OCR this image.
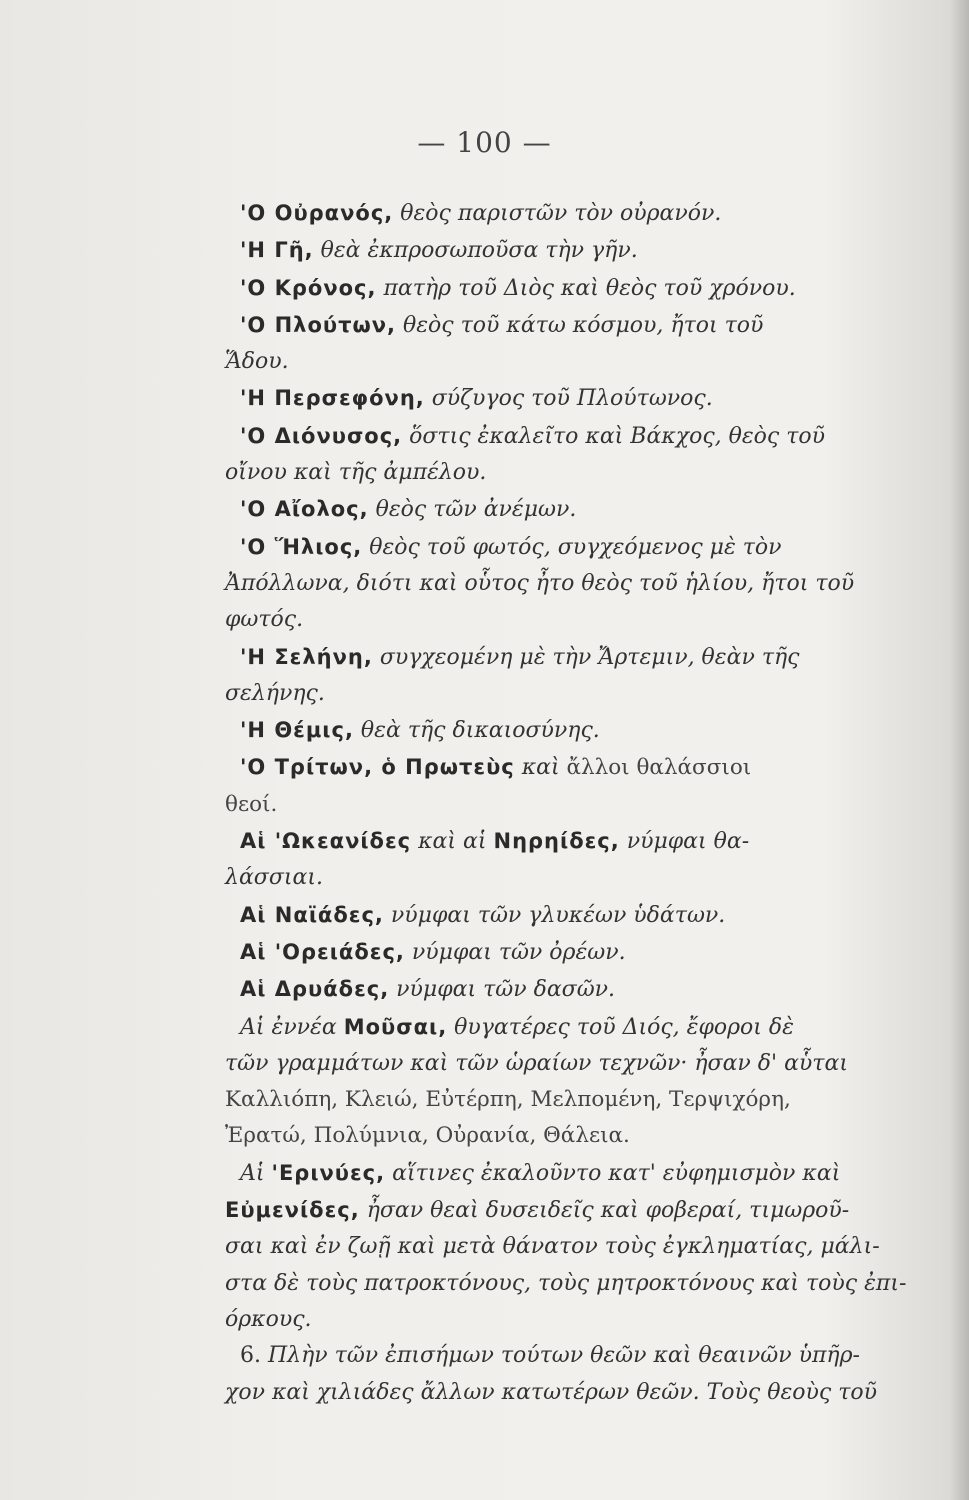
— 100 —
'Ο Οὐρανός, θεὸς παριστῶν τὸν οὐρανόν.
'Η Γῆ, θεὰ ἐκπροσωποῦσα τὴν γῆν.
'Ο Κρόνος, πατὴρ τοῦ Διὸς καὶ θεὸς τοῦ χρόνου.
'Ο Πλούτων, θεὸς τοῦ κάτω κόσμου, ἤτοι τοῦ
Ἅδου.
'Η Περσεφόνη, σύζυγος τοῦ Πλούτωνος.
'Ο Διόνυσος, ὅστις ἐκαλεῖτο καὶ Βάκχος, θεὸς τοῦ
οἴνου καὶ τῆς ἀμπέλου.
'Ο Αἴολος, θεὸς τῶν ἀνέμων.
'Ο Ἥλιος, θεὸς τοῦ φωτός, συγχεόμενος μὲ τὸν
Ἀπόλλωνα, διότι καὶ οὗτος ἦτο θεὸς τοῦ ἡλίου, ἤτοι τοῦ
φωτός.
'Η Σελήνη, συγχεομένη μὲ τὴν Ἄρτεμιν, θεὰν τῆς
σελήνης.
'Η Θέμις, θεὰ τῆς δικαιοσύνης.
'Ο Τρίτων, ὁ Πρωτεὺς καὶ ἄλλοι θαλάσσιοι
θεοί.
Αἱ 'Ωκεανίδες καὶ αἱ Νηρηίδες, νύμφαι θα-
λάσσιαι.
Αἱ Ναϊάδες, νύμφαι τῶν γλυκέων ὑδάτων.
Αἱ 'Ορειάδες, νύμφαι τῶν ὀρέων.
Αἱ Δρυάδες, νύμφαι τῶν δασῶν.
Αἱ ἐννέα Μοῦσαι, θυγατέρες τοῦ Διός, ἔφοροι δὲ
τῶν γραμμάτων καὶ τῶν ὡραίων τεχνῶν· ἦσαν δ' αὗται
Καλλιόπη, Κλειώ, Εὐτέρπη, Μελπομένη, Τερψιχόρη,
Ἐρατώ, Πολύμνια, Οὐρανία, Θάλεια.
Αἱ 'Ερινύες, αἵτινες ἐκαλοῦντο κατ' εὐφημισμὸν καὶ
Εὐμενίδες, ἦσαν θεαὶ δυσειδεῖς καὶ φοβεραί, τιμωροῦ-
σαι καὶ ἐν ζωῇ καὶ μετὰ θάνατον τοὺς ἐγκληματίας, μάλι-
στα δὲ τοὺς πατροκτόνους, τοὺς μητροκτόνους καὶ τοὺς ἐπι-
όρκους.
6. Πλὴν τῶν ἐπισήμων τούτων θεῶν καὶ θεαινῶν ὑπῆρ-
χον καὶ χιλιάδες ἄλλων κατωτέρων θεῶν. Τοὺς θεοὺς τοῦ
